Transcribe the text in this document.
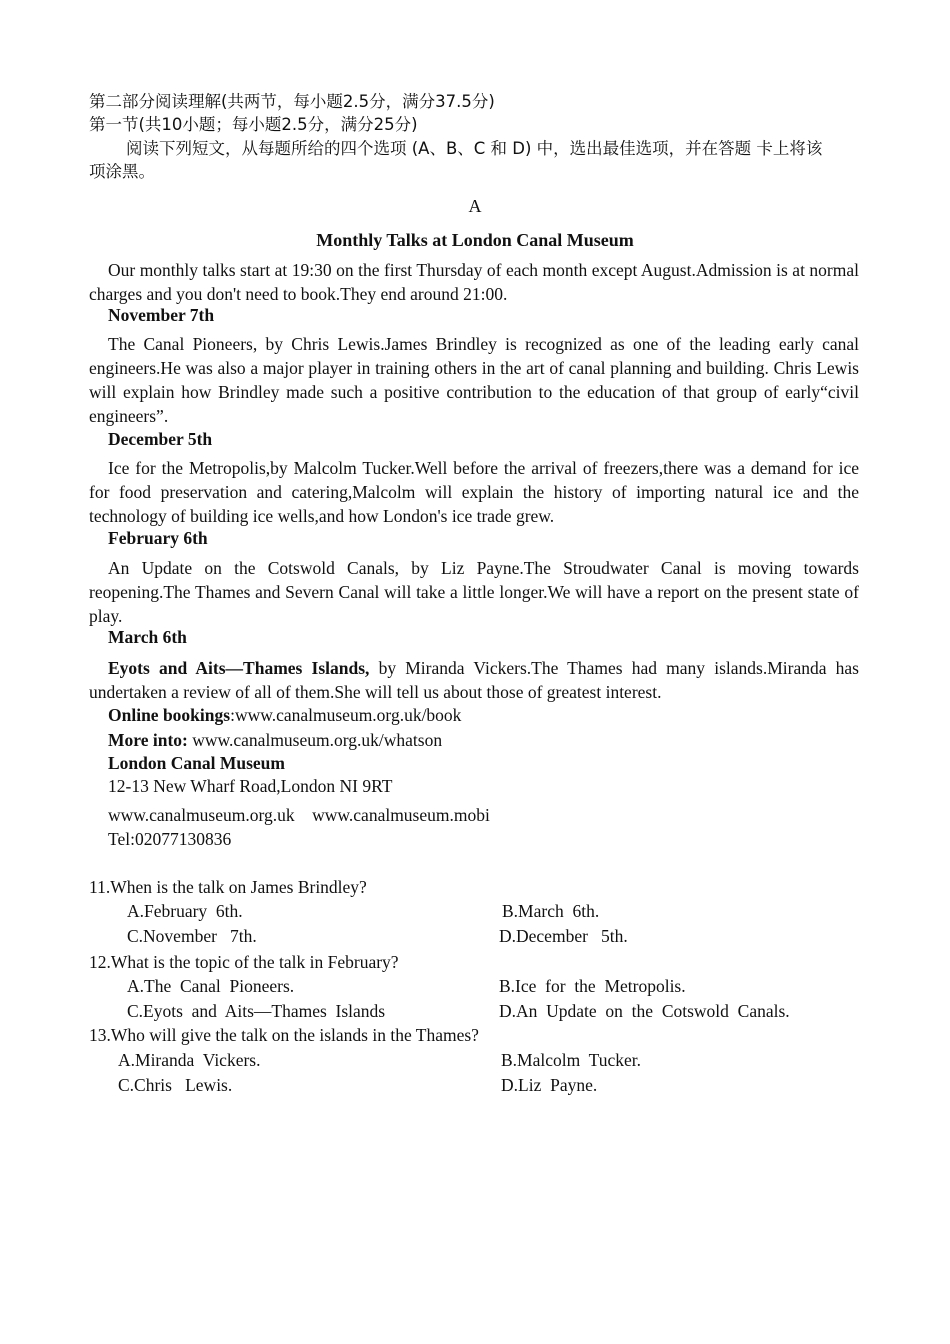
第二部分阅读理解(共两节，每小题2.5分，满分37.5分)
第一节(共10小题；每小题2.5分，满分25分)
阅读下列短文，从每题所给的四个选项 (A、B、C 和 D) 中，选出最佳选项，并在答题 卡上将该项涂黑。
A
Monthly Talks at London Canal Museum

Our monthly talks start at 19:30 on the first Thursday of each month except August.Admission is at normal charges and you don't need to book.They end around 21:00.

November 7th

The Canal Pioneers, by Chris Lewis.James Brindley is recognized as one of the leading early canal engineers.He was also a major player in training others in the art of canal planning and building. Chris Lewis will explain how Brindley made such a positive contribution to the education of that group of early“civil engineers”.

December 5th

Ice for the Metropolis,by Malcolm Tucker.Well before the arrival of freezers,there was a demand for ice for food preservation and catering,Malcolm will explain the history of importing natural ice and the technology of building ice wells,and how London's ice trade grew.

February 6th

An Update on the Cotswold Canals, by Liz Payne.The Stroudwater Canal is moving towards reopening.The Thames and Severn Canal will take a little longer.We will have a report on the present state of play.

March 6th

Eyots and Aits—Thames Islands, by Miranda Vickers.The Thames had many islands.Miranda has undertaken a review of all of them.She will tell us about those of greatest interest.

Online bookings:www.canalmuseum.org.uk/book
More into: www.canalmuseum.org.uk/whatson
London Canal Museum
12-13 New Wharf Road,London NI 9RT
www.canalmuseum.org.uk    www.canalmuseum.mobi
Tel:02077130836
11.When is the talk on James Brindley?
A.February  6th.	B.March  6th.
C.November   7th.	D.December   5th.
12.What is the topic of the talk in February?
A.The  Canal  Pioneers.	B.Ice  for  the  Metropolis.
C.Eyots  and  Aits—Thames  Islands	D.An  Update  on  the  Cotswold  Canals.
13.Who will give the talk on the islands in the Thames?
A.Miranda  Vickers.	B.Malcolm  Tucker.
C.Chris   Lewis.	D.Liz  Payne.
